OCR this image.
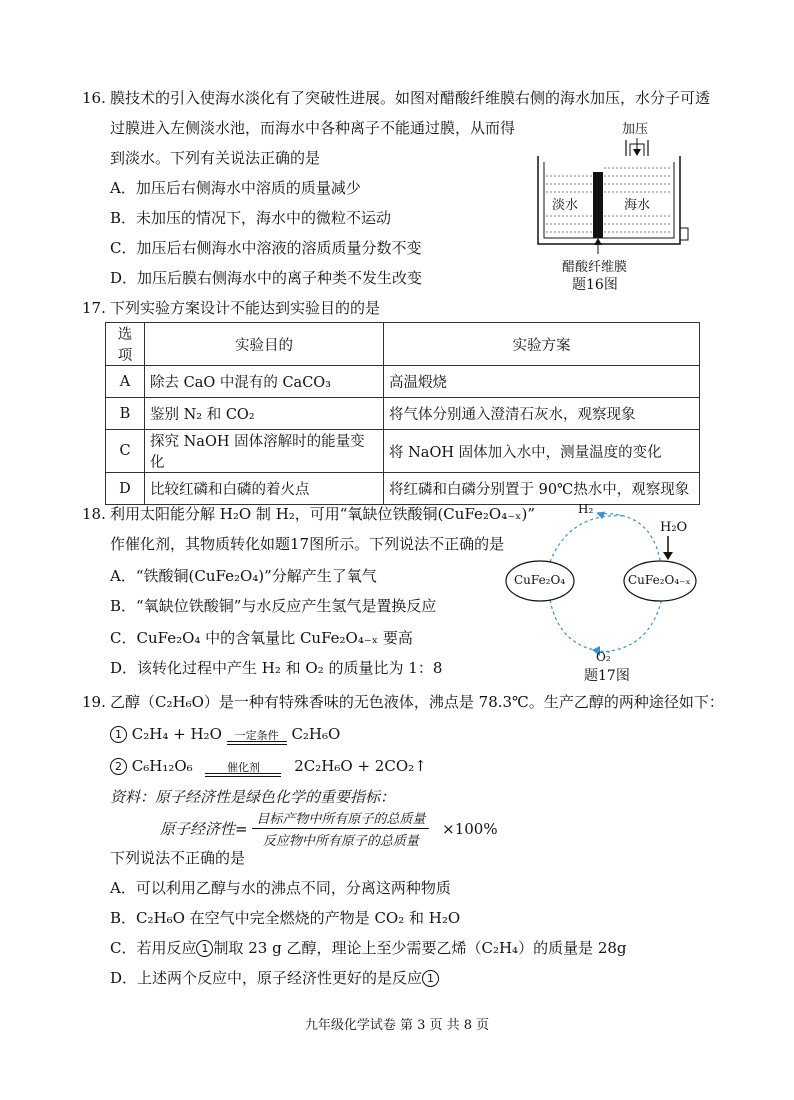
16. 膜技术的引入使海水淡化有了突破性进展。如图对醋酸纤维膜右侧的海水加压，水分子可透
过膜进入左侧淡水池，而海水中各种离子不能通过膜，从而得
到淡水。下列有关说法正确的是
A．加压后右侧海水中溶质的质量减少
B．未加压的情况下，海水中的微粒不运动
C．加压后右侧海水中溶液的溶质质量分数不变
D．加压后膜右侧海水中的离子种类不发生改变
加压
淡水	海水
醋酸纤维膜
题16图
17. 下列实验方案设计不能达到实验目的的是
选项	实验目的	实验方案
A	除去 CaO 中混有的 CaCO₃	高温煅烧
B	鉴别 N₂ 和 CO₂	将气体分别通入澄清石灰水，观察现象
C	探究 NaOH 固体溶解时的能量变化	将 NaOH 固体加入水中，测量温度的变化
D	比较红磷和白磷的着火点	将红磷和白磷分别置于 90℃热水中，观察现象
18. 利用太阳能分解 H₂O 制 H₂，可用“氧缺位铁酸铜(CuFe₂O₄₋ₓ)”
作催化剂，其物质转化如题17图所示。下列说法不正确的是
A．“铁酸铜(CuFe₂O₄)”分解产生了氧气
B．“氧缺位铁酸铜”与水反应产生氢气是置换反应
C．CuFe₂O₄ 中的含氧量比 CuFe₂O₄₋ₓ 要高
D．该转化过程中产生 H₂ 和 O₂ 的质量比为 1：8
H₂
H₂O
CuFe₂O₄	CuFe₂O₄₋ₓ
O₂
题17图
19. 乙醇（C₂H₆O）是一种有特殊香味的无色液体，沸点是 78.3℃。生产乙醇的两种途径如下：
1 C₂H₄ + H₂O	一定条件 C₂H₆O
2 C₆H₁₂O₆	催化剂	2C₂H₆O + 2CO₂↑
资料：原子经济性是绿色化学的重要指标：
原子经济性= $\frac{\text{目标产物中所有原子的总质量}}{\text{反应物中所有原子的总质量}} \times 100\%$
下列说法不正确的是
A．可以利用乙醇与水的沸点不同，分离这两种物质
B．C₂H₆O 在空气中完全燃烧的产物是 CO₂ 和 H₂O
C．若用反应 1 制取 23 g 乙醇，理论上至少需要乙烯（C₂H₄）的质量是 28g
D．上述两个反应中，原子经济性更好的是反应 1
九年级化学试卷 第 3 页 共 8 页
